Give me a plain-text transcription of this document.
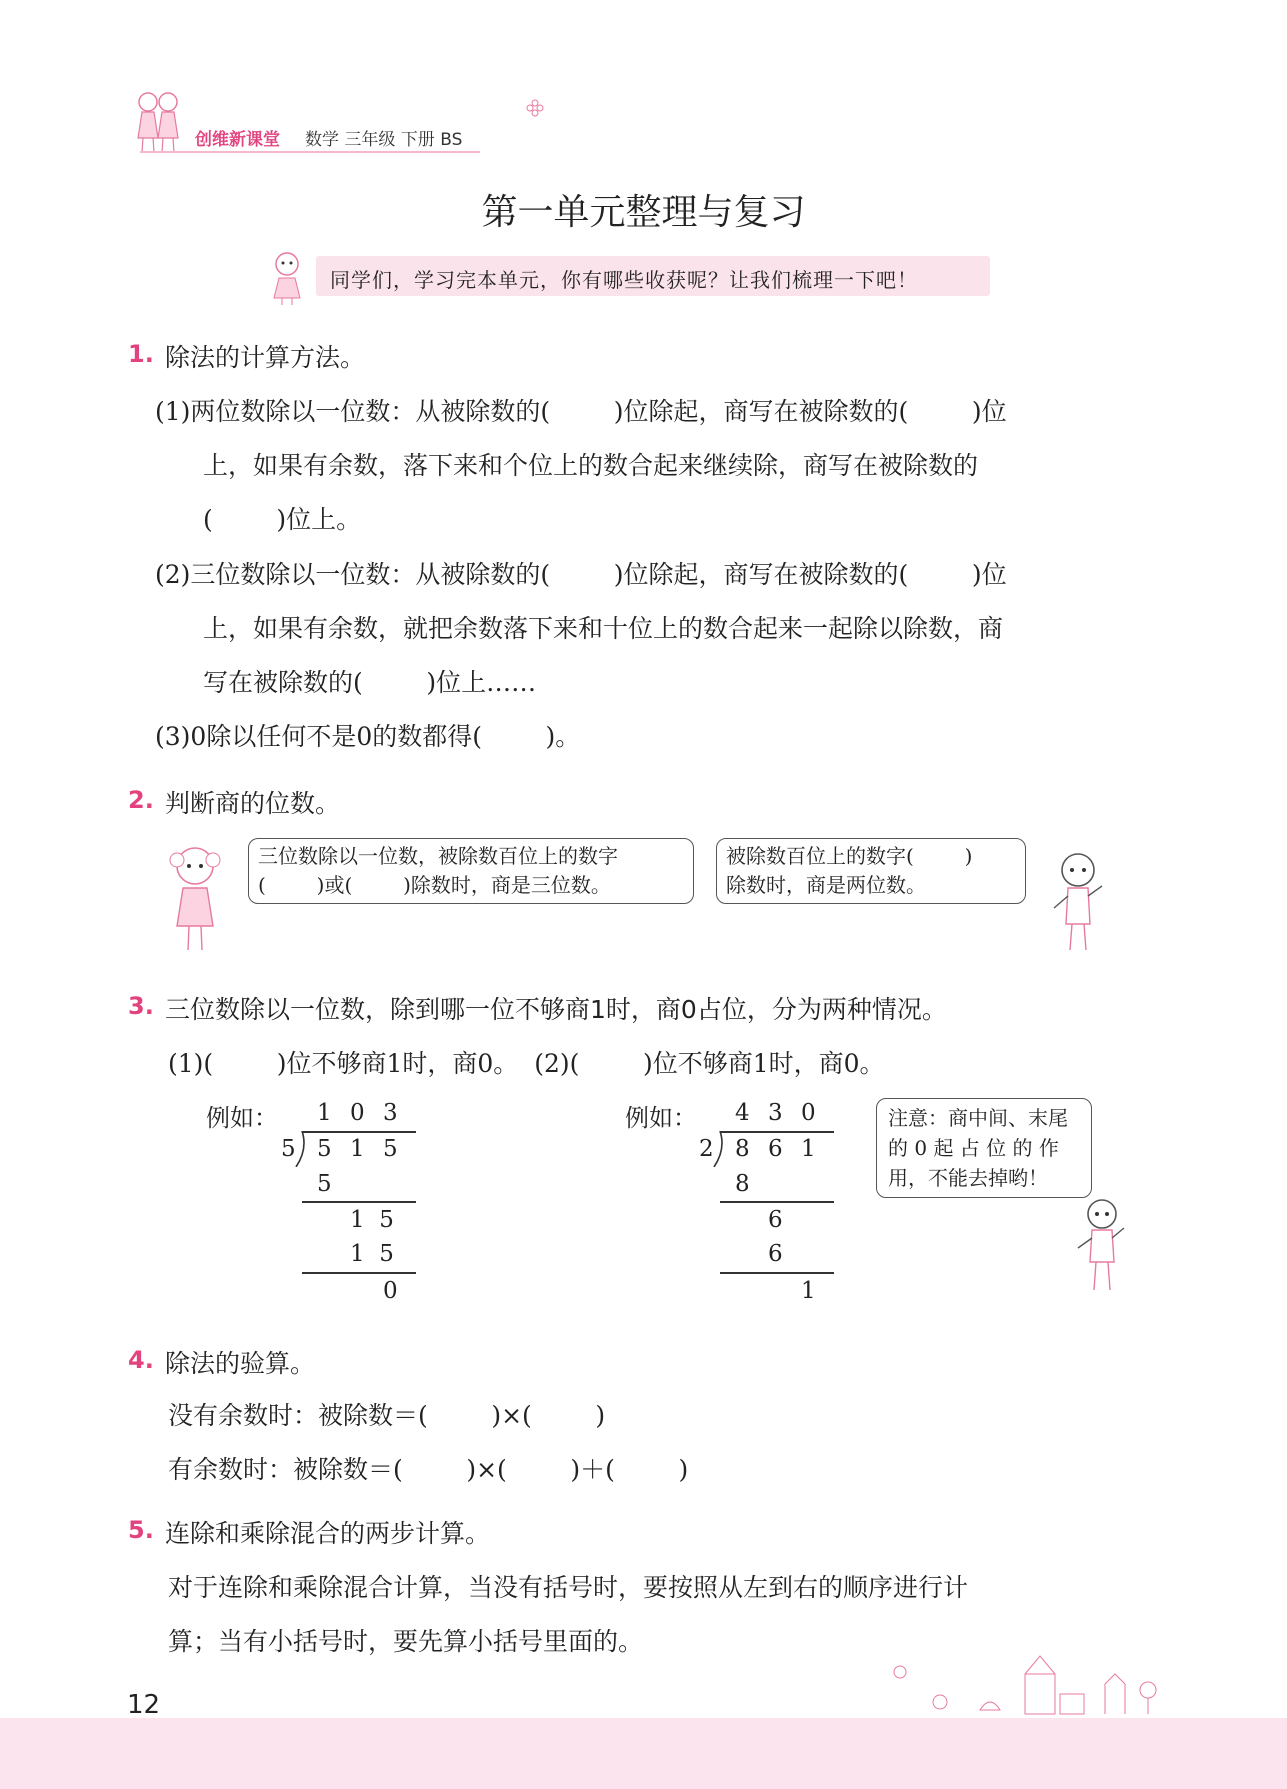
创维新课堂 数学 三年级 下册 BS
第一单元整理与复习
同学们，学习完本单元，你有哪些收获呢？让我们梳理一下吧！
1. 除法的计算方法。
(1)两位数除以一位数：从被除数的(        )位除起，商写在被除数的(        )位
上，如果有余数，落下来和个位上的数合起来继续除，商写在被除数的
(        )位上。
(2)三位数除以一位数：从被除数的(        )位除起，商写在被除数的(        )位
上，如果有余数，就把余数落下来和十位上的数合起来一起除以除数，商
写在被除数的(        )位上……
(3)0除以任何不是0的数都得(        )。
2. 判断商的位数。
三位数除以一位数，被除数百位上的数字
(        )或(        )除数时，商是三位数。
被除数百位上的数字(        )
除数时，商是两位数。
3. 三位数除以一位数，除到哪一位不够商1时，商0占位，分为两种情况。
(1)(        )位不够商1时，商0。  (2)(        )位不够商1时，商0。
例如： 1 0 3
5 5 1 5
5
1  5
1  5
0
例如： 4 3 0
2 8 6 1
8
6
6
1
注意：商中间、末尾
的 0 起 占 位 的 作
用，不能去掉哟！
4. 除法的验算。
没有余数时：被除数＝(        )×(        )
有余数时：被除数＝(        )×(        )＋(        )
5. 连除和乘除混合的两步计算。
对于连除和乘除混合计算，当没有括号时，要按照从左到右的顺序进行计
算；当有小括号时，要先算小括号里面的。
12
